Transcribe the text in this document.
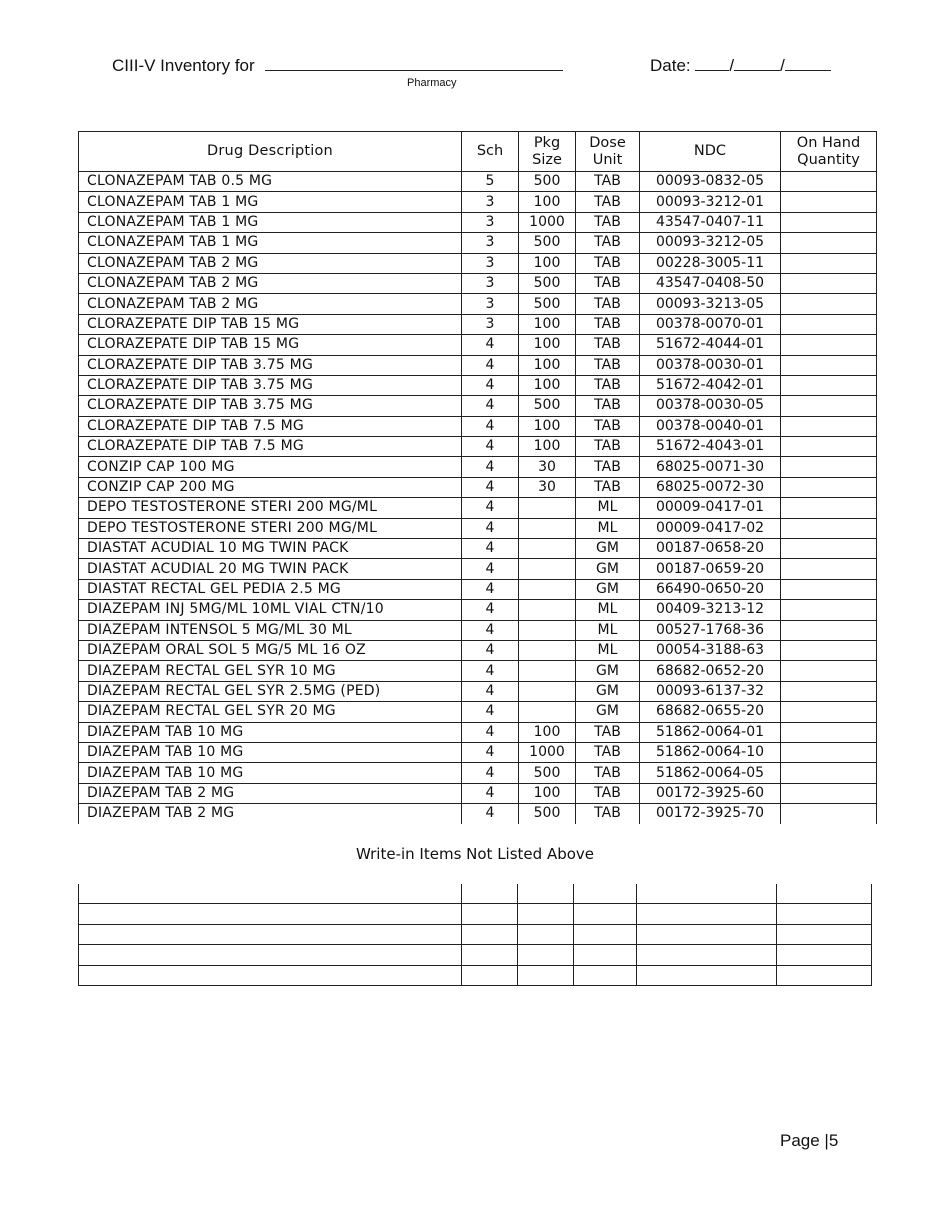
CIII-V Inventory for
Pharmacy
Date: /	/
Drug Description	Sch	Pkg Size	Dose Unit	NDC	On Hand Quantity
CLONAZEPAM TAB 0.5 MG	5	500	TAB	00093-0832-05	
CLONAZEPAM TAB 1 MG	3	100	TAB	00093-3212-01	
CLONAZEPAM TAB 1 MG	3	1000	TAB	43547-0407-11	
CLONAZEPAM TAB 1 MG	3	500	TAB	00093-3212-05	
CLONAZEPAM TAB 2 MG	3	100	TAB	00228-3005-11	
CLONAZEPAM TAB 2 MG	3	500	TAB	43547-0408-50	
CLONAZEPAM TAB 2 MG	3	500	TAB	00093-3213-05	
CLORAZEPATE DIP TAB 15 MG	3	100	TAB	00378-0070-01	
CLORAZEPATE DIP TAB 15 MG	4	100	TAB	51672-4044-01	
CLORAZEPATE DIP TAB 3.75 MG	4	100	TAB	00378-0030-01	
CLORAZEPATE DIP TAB 3.75 MG	4	100	TAB	51672-4042-01	
CLORAZEPATE DIP TAB 3.75 MG	4	500	TAB	00378-0030-05	
CLORAZEPATE DIP TAB 7.5 MG	4	100	TAB	00378-0040-01	
CLORAZEPATE DIP TAB 7.5 MG	4	100	TAB	51672-4043-01	
CONZIP CAP 100 MG	4	30	TAB	68025-0071-30	
CONZIP CAP 200 MG	4	30	TAB	68025-0072-30	
DEPO TESTOSTERONE STERI 200 MG/ML	4		ML	00009-0417-01	
DEPO TESTOSTERONE STERI 200 MG/ML	4		ML	00009-0417-02	
DIASTAT ACUDIAL 10 MG TWIN PACK	4		GM	00187-0658-20	
DIASTAT ACUDIAL 20 MG TWIN PACK	4		GM	00187-0659-20	
DIASTAT RECTAL GEL PEDIA 2.5 MG	4		GM	66490-0650-20	
DIAZEPAM INJ 5MG/ML 10ML VIAL CTN/10	4		ML	00409-3213-12	
DIAZEPAM INTENSOL 5 MG/ML 30 ML	4		ML	00527-1768-36	
DIAZEPAM ORAL SOL 5 MG/5 ML 16 OZ	4		ML	00054-3188-63	
DIAZEPAM RECTAL GEL SYR 10 MG	4		GM	68682-0652-20	
DIAZEPAM RECTAL GEL SYR 2.5MG (PED)	4		GM	00093-6137-32	
DIAZEPAM RECTAL GEL SYR 20 MG	4		GM	68682-0655-20	
DIAZEPAM TAB 10 MG	4	100	TAB	51862-0064-01	
DIAZEPAM TAB 10 MG	4	1000	TAB	51862-0064-10	
DIAZEPAM TAB 10 MG	4	500	TAB	51862-0064-05	
DIAZEPAM TAB 2 MG	4	100	TAB	00172-3925-60	
DIAZEPAM TAB 2 MG	4	500	TAB	00172-3925-70	
Write-in Items Not Listed Above

Page |5
